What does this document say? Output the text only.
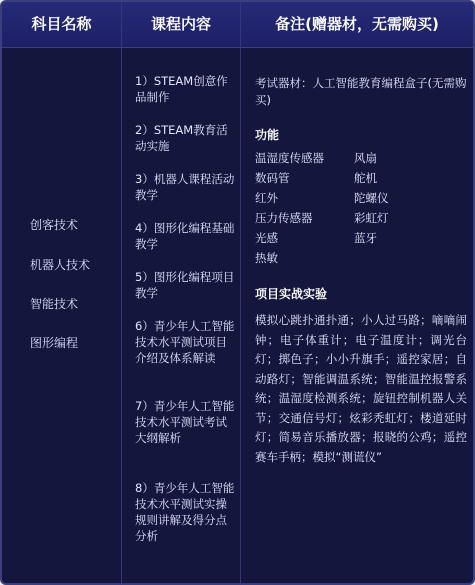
科目名称	课程内容	备注(赠器材，无需购买)
创客技术
机器人技术
智能技术
图形编程
1）STEAM创意作品制作
2）STEAM教育活动实施
3）机器人课程活动教学
4）图形化编程基础教学
5）图形化编程项目教学
6）青少年人工智能技术水平测试项目介绍及体系解读
7）青少年人工智能技术水平测试考试大纲解析
8）青少年人工智能技术水平测试实操规则讲解及得分点分析
考试器材：人工智能教育编程盒子(无需购买)
功能
温湿度传感器
数码管
红外
压力传感器
光感
热敏
风扇
舵机
陀螺仪
彩虹灯
蓝牙
项目实战实验
模拟心跳扑通扑通；小人过马路；嘀嘀闹钟；电子体重计；电子温度计；调光台灯；掷色子；小小升旗手；遥控家居；自动路灯；智能调温系统；智能温控报警系统；温湿度检测系统；旋钮控制机器人关节；交通信号灯；炫彩秃虹灯；楼道延时灯；简易音乐播放器；报晓的公鸡；遥控赛车手柄；模拟“测谎仪”
